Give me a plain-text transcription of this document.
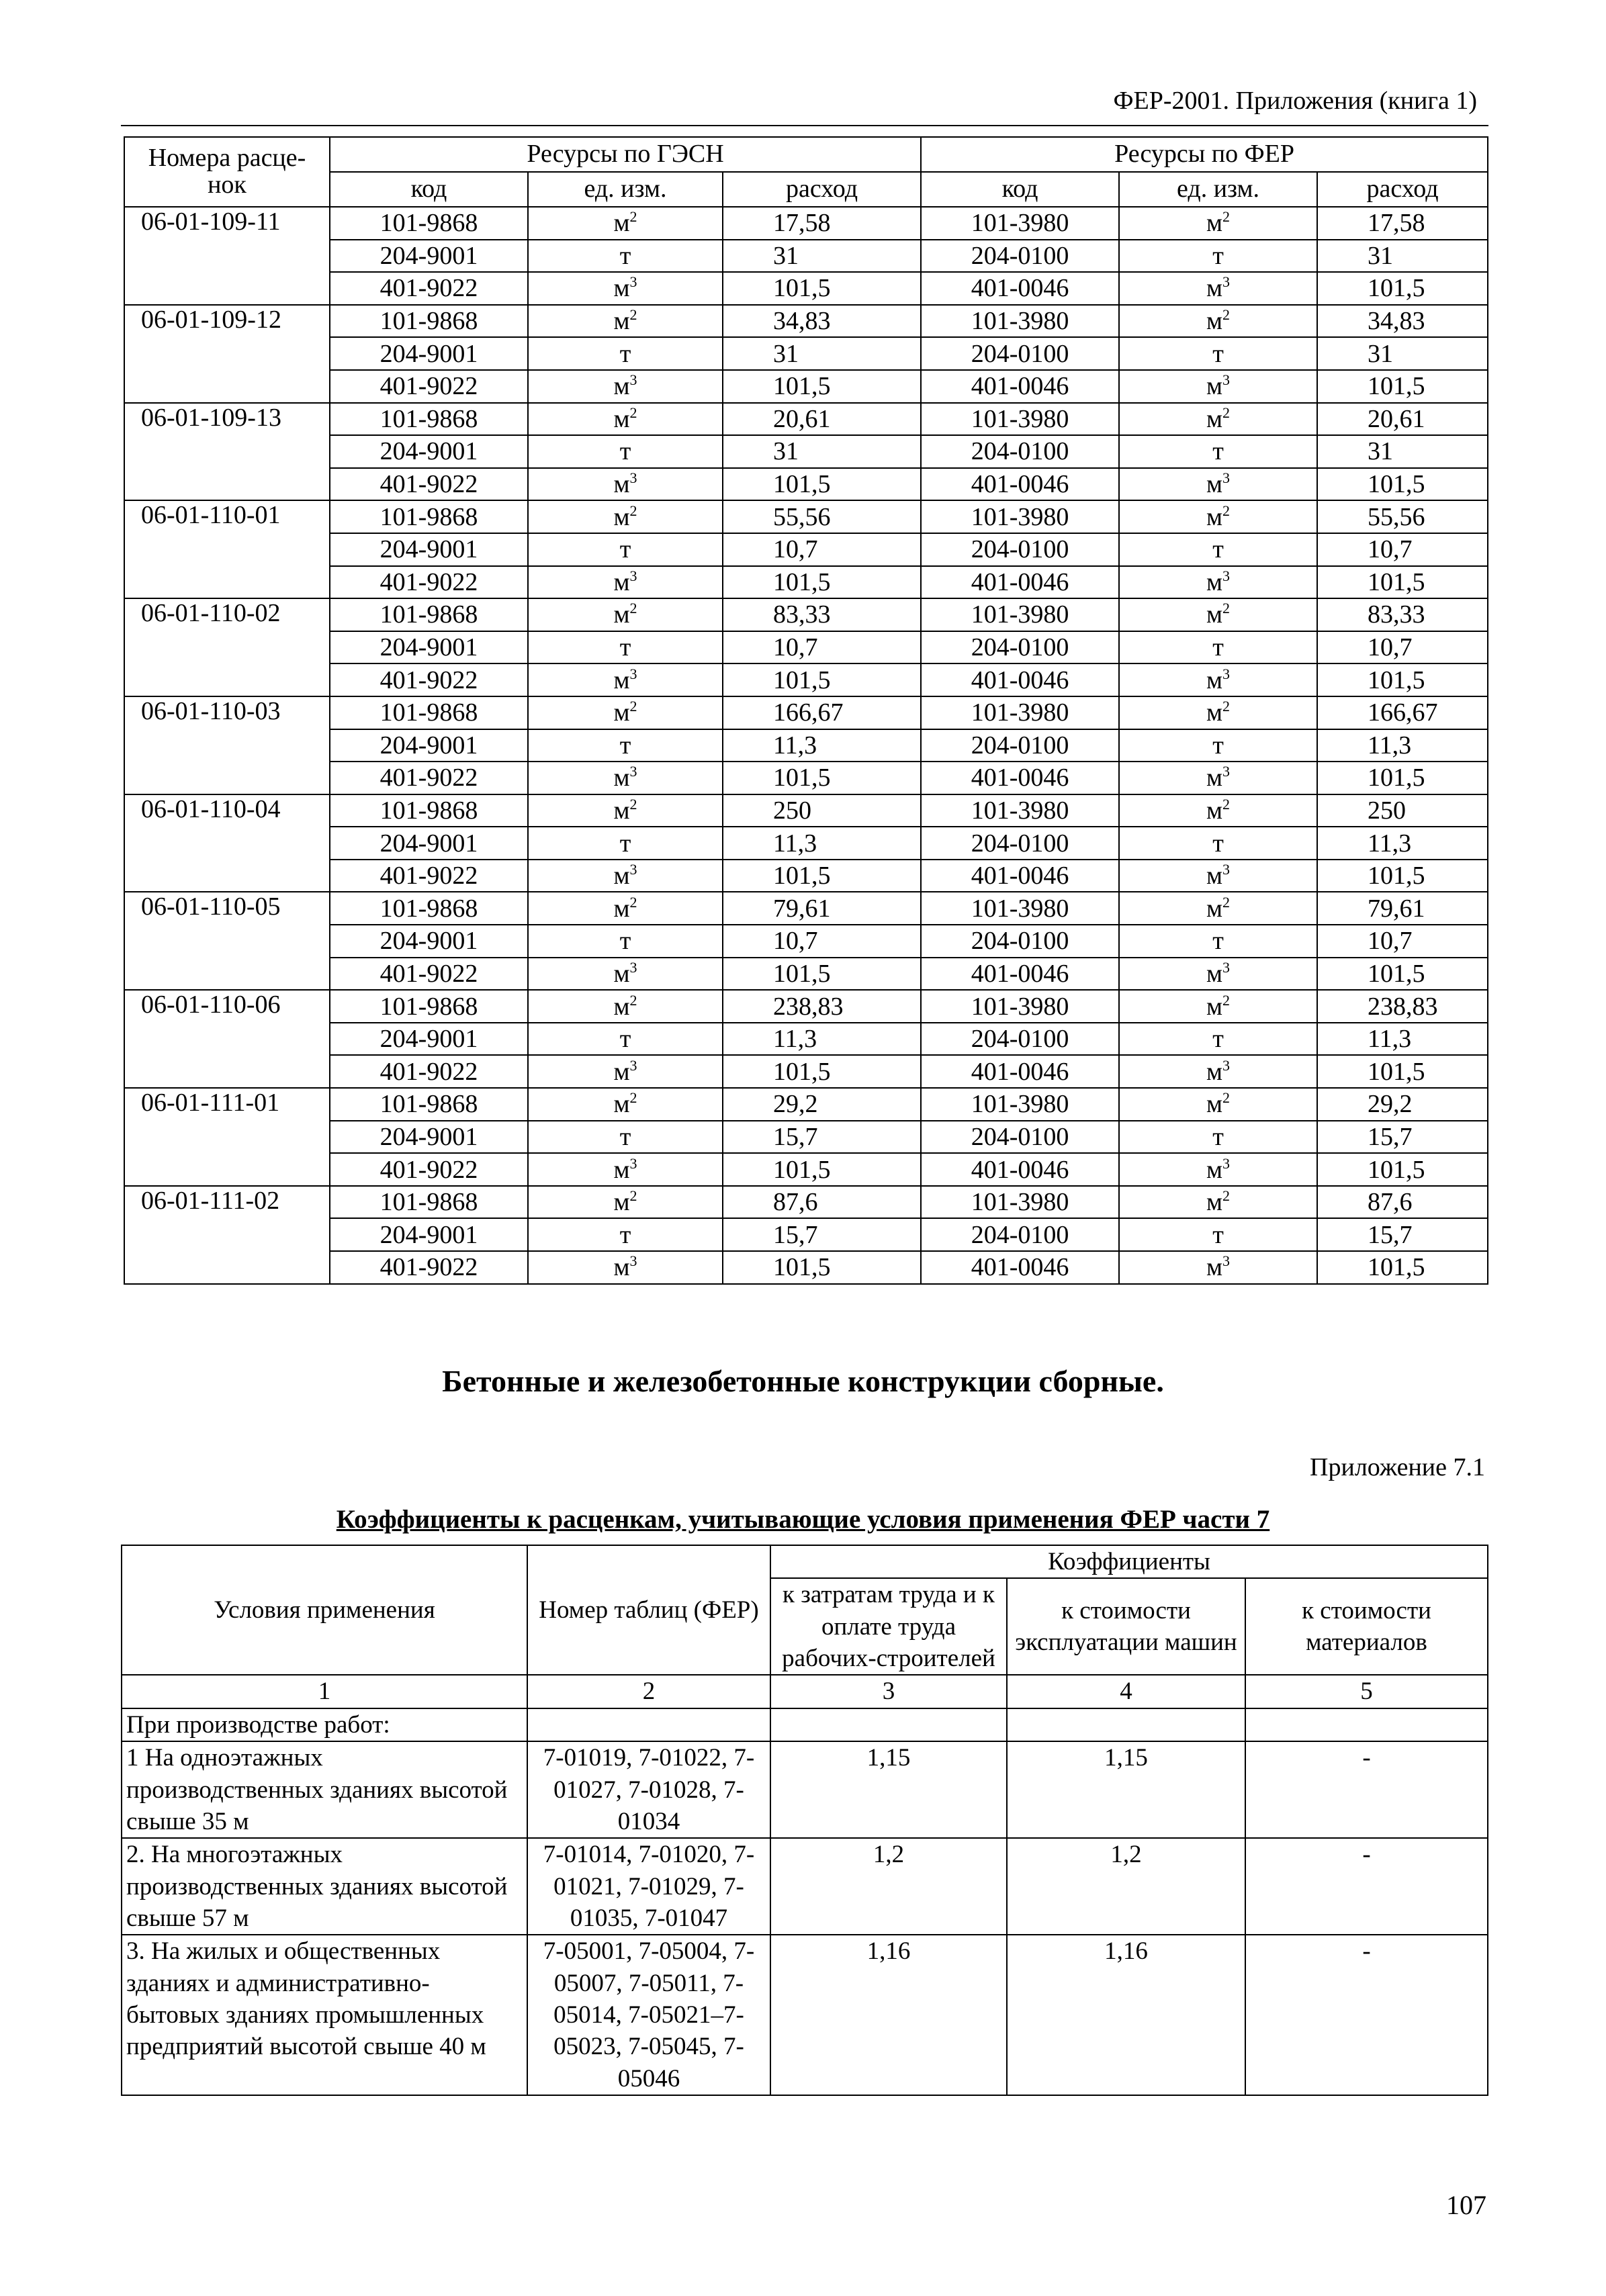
ФЕР-2001. Приложения (книга 1)
Номера расце-нок	Ресурсы по ГЭСН			Ресурсы по ФЕР		
	код	ед. изм.	расход	код	ед. изм.	расход
06-01-109-11	101-9868	$м^2$	17,58	101-3980	$м^2$	17,58
	204-9001	т	31	204-0100	т	31
	401-9022	$м^3$	101,5	401-0046	$м^3$	101,5
06-01-109-12	101-9868	$м^2$	34,83	101-3980	$м^2$	34,83
	204-9001	т	31	204-0100	т	31
	401-9022	$м^3$	101,5	401-0046	$м^3$	101,5
06-01-109-13	101-9868	$м^2$	20,61	101-3980	$м^2$	20,61
	204-9001	т	31	204-0100	т	31
	401-9022	$м^3$	101,5	401-0046	$м^3$	101,5
06-01-110-01	101-9868	$м^2$	55,56	101-3980	$м^2$	55,56
	204-9001	т	10,7	204-0100	т	10,7
	401-9022	$м^3$	101,5	401-0046	$м^3$	101,5
06-01-110-02	101-9868	$м^2$	83,33	101-3980	$м^2$	83,33
	204-9001	т	10,7	204-0100	т	10,7
	401-9022	$м^3$	101,5	401-0046	$м^3$	101,5
06-01-110-03	101-9868	$м^2$	166,67	101-3980	$м^2$	166,67
	204-9001	т	11,3	204-0100	т	11,3
	401-9022	$м^3$	101,5	401-0046	$м^3$	101,5
06-01-110-04	101-9868	$м^2$	250	101-3980	$м^2$	250
	204-9001	т	11,3	204-0100	т	11,3
	401-9022	$м^3$	101,5	401-0046	$м^3$	101,5
06-01-110-05	101-9868	$м^2$	79,61	101-3980	$м^2$	79,61
	204-9001	т	10,7	204-0100	т	10,7
	401-9022	$м^3$	101,5	401-0046	$м^3$	101,5
06-01-110-06	101-9868	$м^2$	238,83	101-3980	$м^2$	238,83
	204-9001	т	11,3	204-0100	т	11,3
	401-9022	$м^3$	101,5	401-0046	$м^3$	101,5
06-01-111-01	101-9868	$м^2$	29,2	101-3980	$м^2$	29,2
	204-9001	т	15,7	204-0100	т	15,7
	401-9022	$м^3$	101,5	401-0046	$м^3$	101,5
06-01-111-02	101-9868	$м^2$	87,6	101-3980	$м^2$	87,6
	204-9001	т	15,7	204-0100	т	15,7
	401-9022	$м^3$	101,5	401-0046	$м^3$	101,5
Бетонные и железобетонные конструкции сборные.
Приложение 7.1
Коэффициенты к расценкам, учитывающие условия применения ФЕР части 7
Условия применения	Номер таблиц (ФЕР)	Коэффициенты		
		к затратам труда и к оплате труда рабочих-строителей	к стоимости эксплуатации машин	к стоимости материалов
1	2	3	4	5
При производстве работ:				
1 На одноэтажных производственных зданиях высотой свыше 35 м	7-01019, 7-01022, 7-01027, 7-01028, 7-01034	1,15	1,15	-
2. На многоэтажных производственных зданиях высотой свыше 57 м	7-01014, 7-01020, 7-01021, 7-01029, 7-01035, 7-01047	1,2	1,2	-
3. На жилых и общественных зданиях и административно-бытовых зданиях промышленных предприятий высотой свыше 40 м	7-05001, 7-05004, 7-05007, 7-05011, 7-05014, 7-05021–7-05023, 7-05045, 7-05046	1,16	1,16	-
107
